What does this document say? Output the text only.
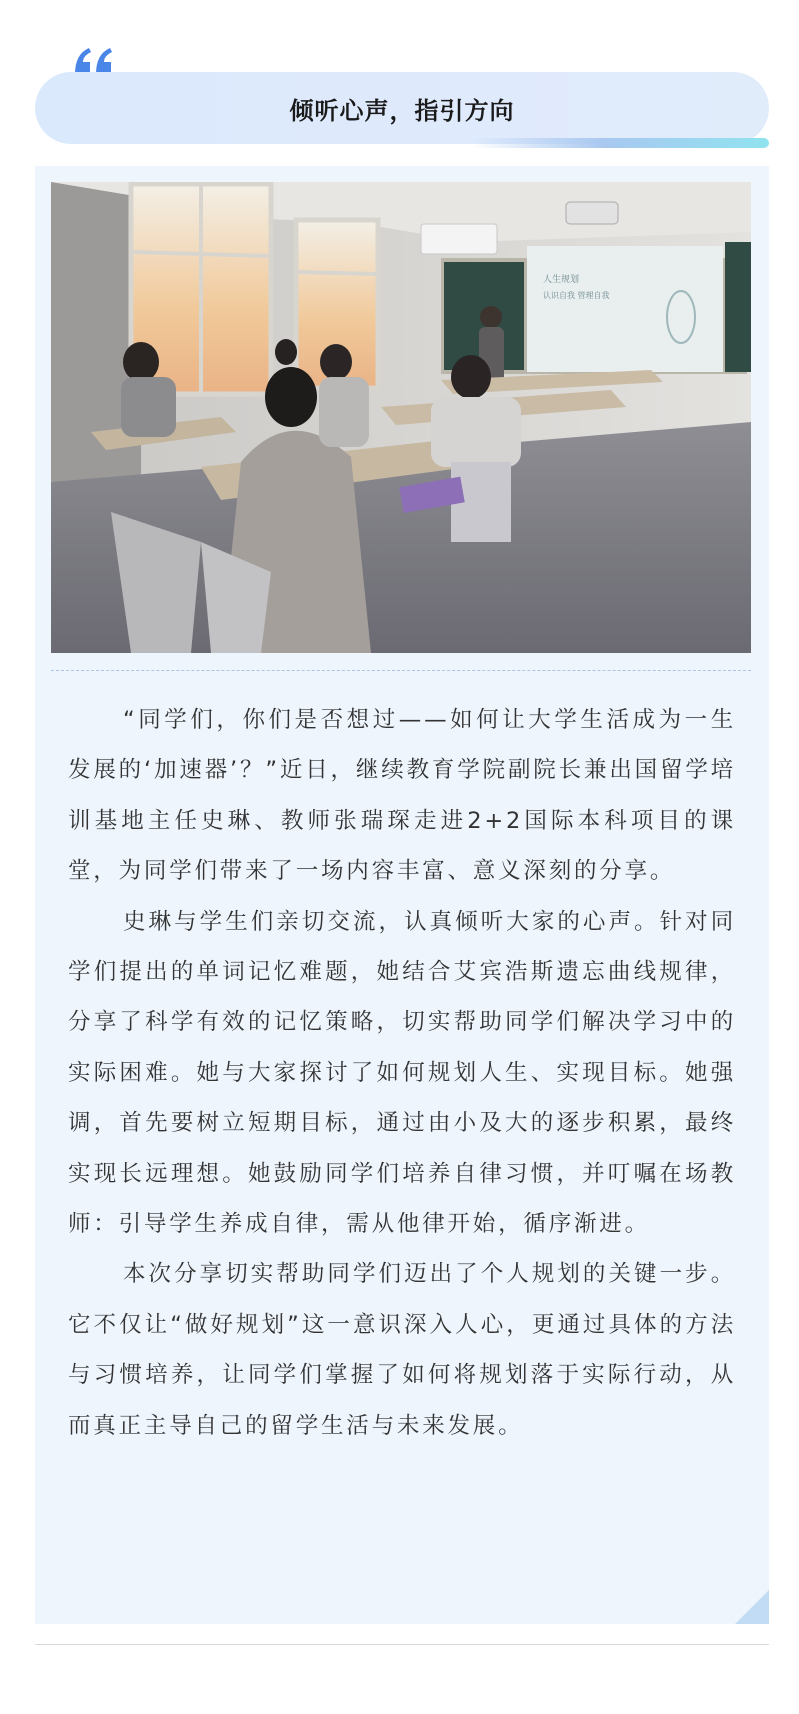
倾听心声，指引方向
人生规划
认识自我 管理自我

“同学们，你们是否想过——如何让大学生活成为一生发展的‘加速器’？”近日，继续教育学院副院长兼出国留学培训基地主任史琳、教师张瑞琛走进2+2国际本科项目的课堂，为同学们带来了一场内容丰富、意义深刻的分享。

史琳与学生们亲切交流，认真倾听大家的心声。针对同学们提出的单词记忆难题，她结合艾宾浩斯遗忘曲线规律，分享了科学有效的记忆策略，切实帮助同学们解决学习中的实际困难。她与大家探讨了如何规划人生、实现目标。她强调，首先要树立短期目标，通过由小及大的逐步积累，最终实现长远理想。她鼓励同学们培养自律习惯，并叮嘱在场教师：引导学生养成自律，需从他律开始，循序渐进。

本次分享切实帮助同学们迈出了个人规划的关键一步。它不仅让“做好规划”这一意识深入人心，更通过具体的方法与习惯培养，让同学们掌握了如何将规划落于实际行动，从而真正主导自己的留学生活与未来发展。
